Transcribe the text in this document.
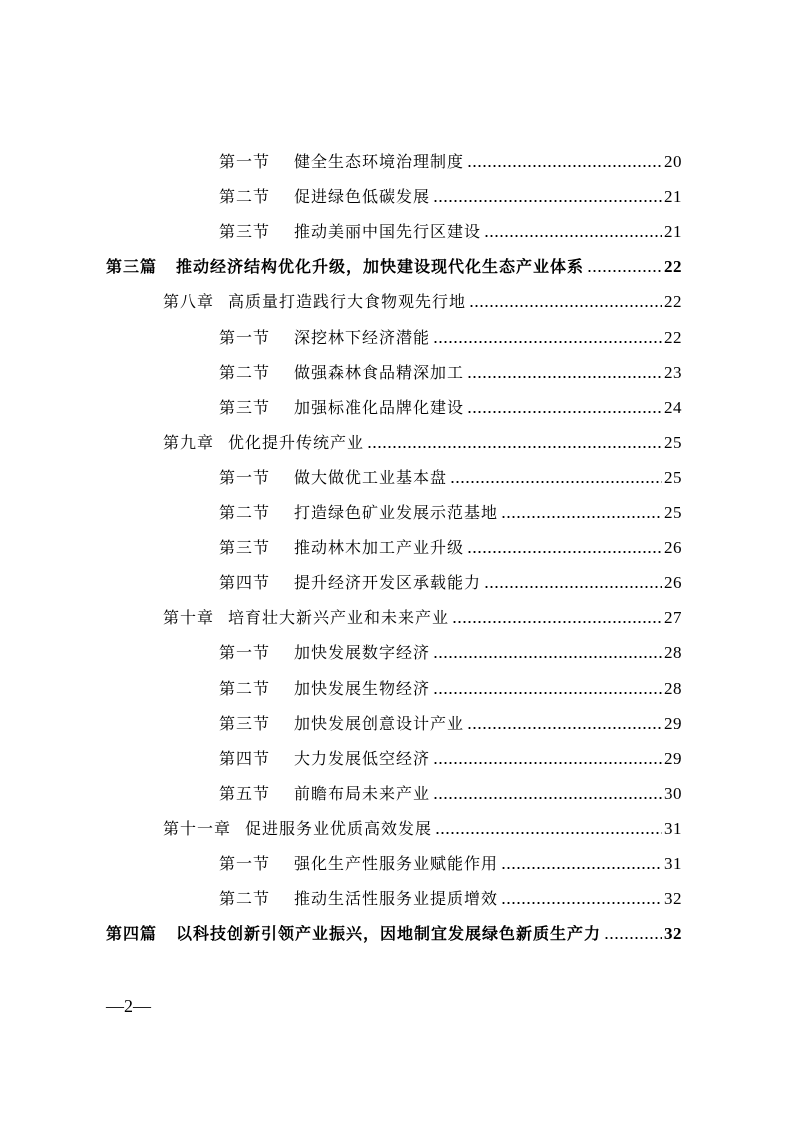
第一节	健全生态环境治理制度	20
第二节	促进绿色低碳发展	21
第三节	推动美丽中国先行区建设	21
第三篇	推动经济结构优化升级，加快建设现代化生态产业体系	22
第八章 高质量打造践行大食物观先行地	22
第一节	深挖林下经济潜能	22
第二节	做强森林食品精深加工	23
第三节	加强标准化品牌化建设	24
第九章 优化提升传统产业	25
第一节	做大做优工业基本盘	25
第二节	打造绿色矿业发展示范基地	25
第三节	推动林木加工产业升级	26
第四节	提升经济开发区承载能力	26
第十章 培育壮大新兴产业和未来产业	27
第一节	加快发展数字经济	28
第二节	加快发展生物经济	28
第三节	加快发展创意设计产业	29
第四节	大力发展低空经济	29
第五节	前瞻布局未来产业	30
第十一章 促进服务业优质高效发展	31
第一节	强化生产性服务业赋能作用	31
第二节	推动生活性服务业提质增效	32
第四篇	以科技创新引领产业振兴，因地制宜发展绿色新质生产力	32
—2—
